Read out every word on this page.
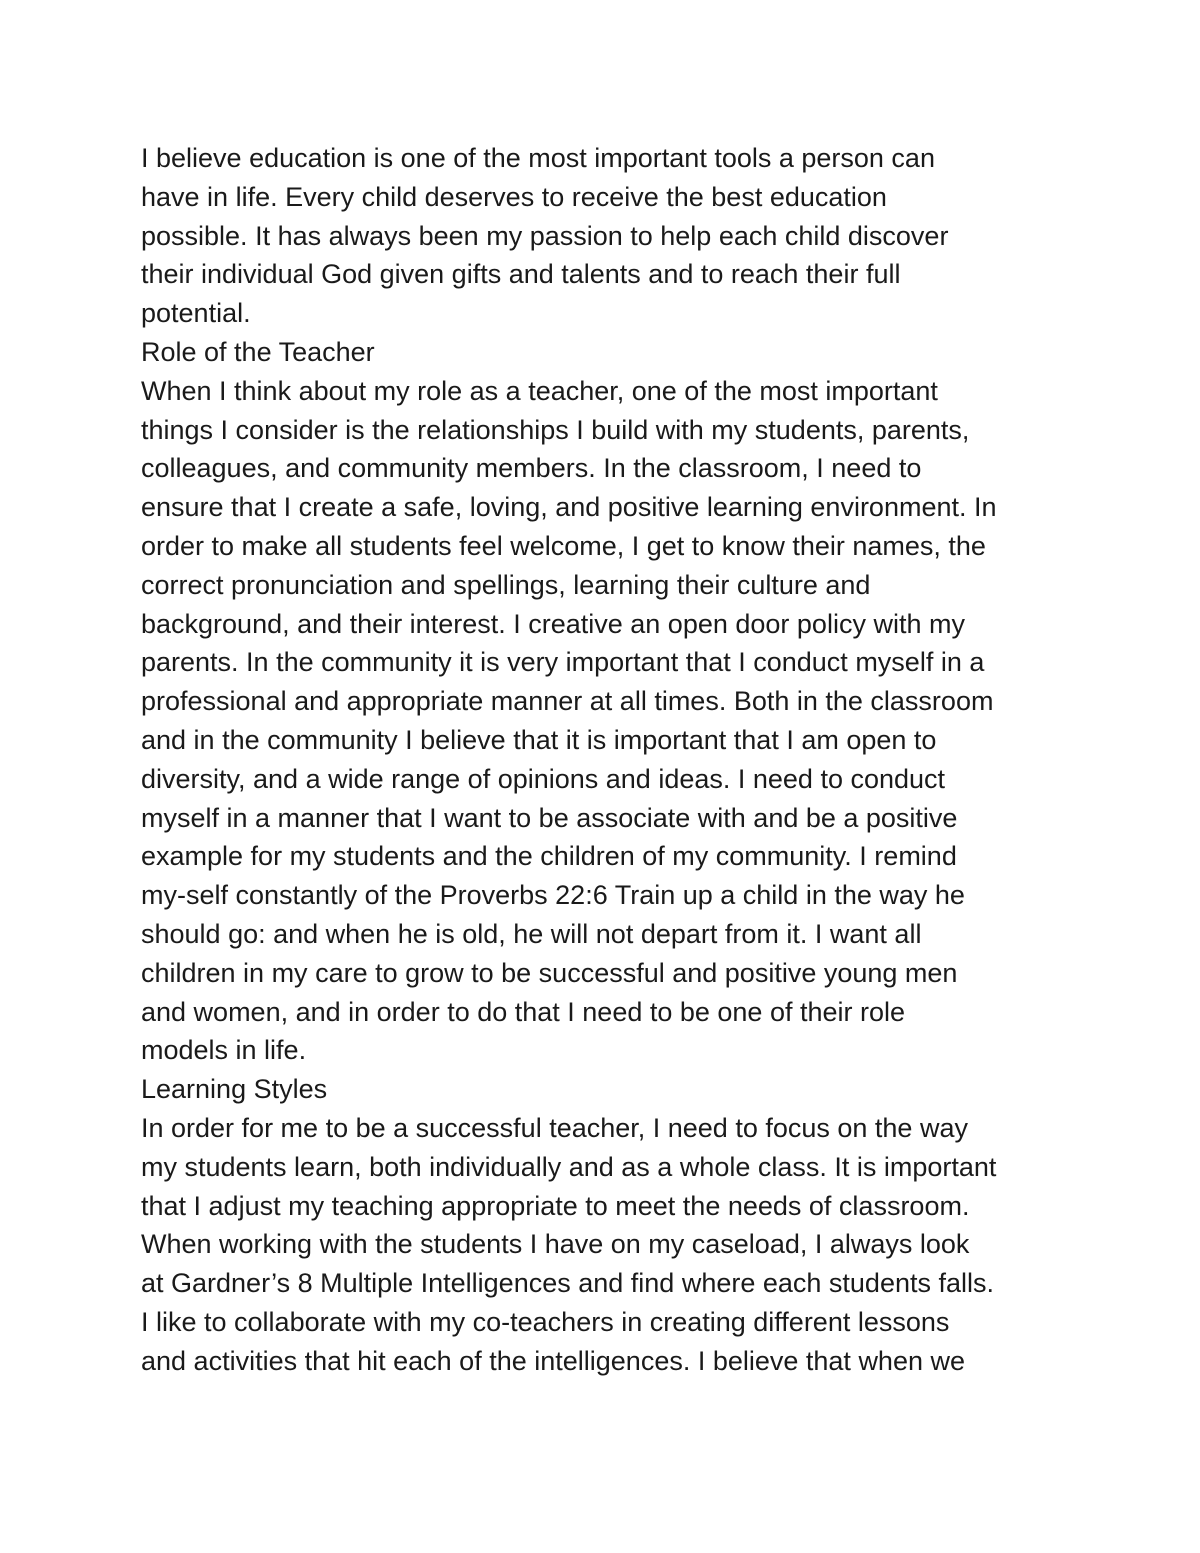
I believe education is one of the most important tools a person can
have in life. Every child deserves to receive the best education
possible. It has always been my passion to help each child discover
their individual God given gifts and talents and to reach their full
potential.
Role of the Teacher
When I think about my role as a teacher, one of the most important
things I consider is the relationships I build with my students, parents,
colleagues, and community members. In the classroom, I need to
ensure that I create a safe, loving, and positive learning environment. In
order to make all students feel welcome, I get to know their names, the
correct pronunciation and spellings, learning their culture and
background, and their interest. I creative an open door policy with my
parents. In the community it is very important that I conduct myself in a
professional and appropriate manner at all times. Both in the classroom
and in the community I believe that it is important that I am open to
diversity, and a wide range of opinions and ideas. I need to conduct
myself in a manner that I want to be associate with and be a positive
example for my students and the children of my community. I remind
my-self constantly of the Proverbs 22:6 Train up a child in the way he
should go: and when he is old, he will not depart from it. I want all
children in my care to grow to be successful and positive young men
and women, and in order to do that I need to be one of their role
models in life.
Learning Styles
In order for me to be a successful teacher, I need to focus on the way
my students learn, both individually and as a whole class. It is important
that I adjust my teaching appropriate to meet the needs of classroom.
When working with the students I have on my caseload, I always look
at Gardner’s 8 Multiple Intelligences and find where each students falls.
I like to collaborate with my co-teachers in creating different lessons
and activities that hit each of the intelligences. I believe that when we
